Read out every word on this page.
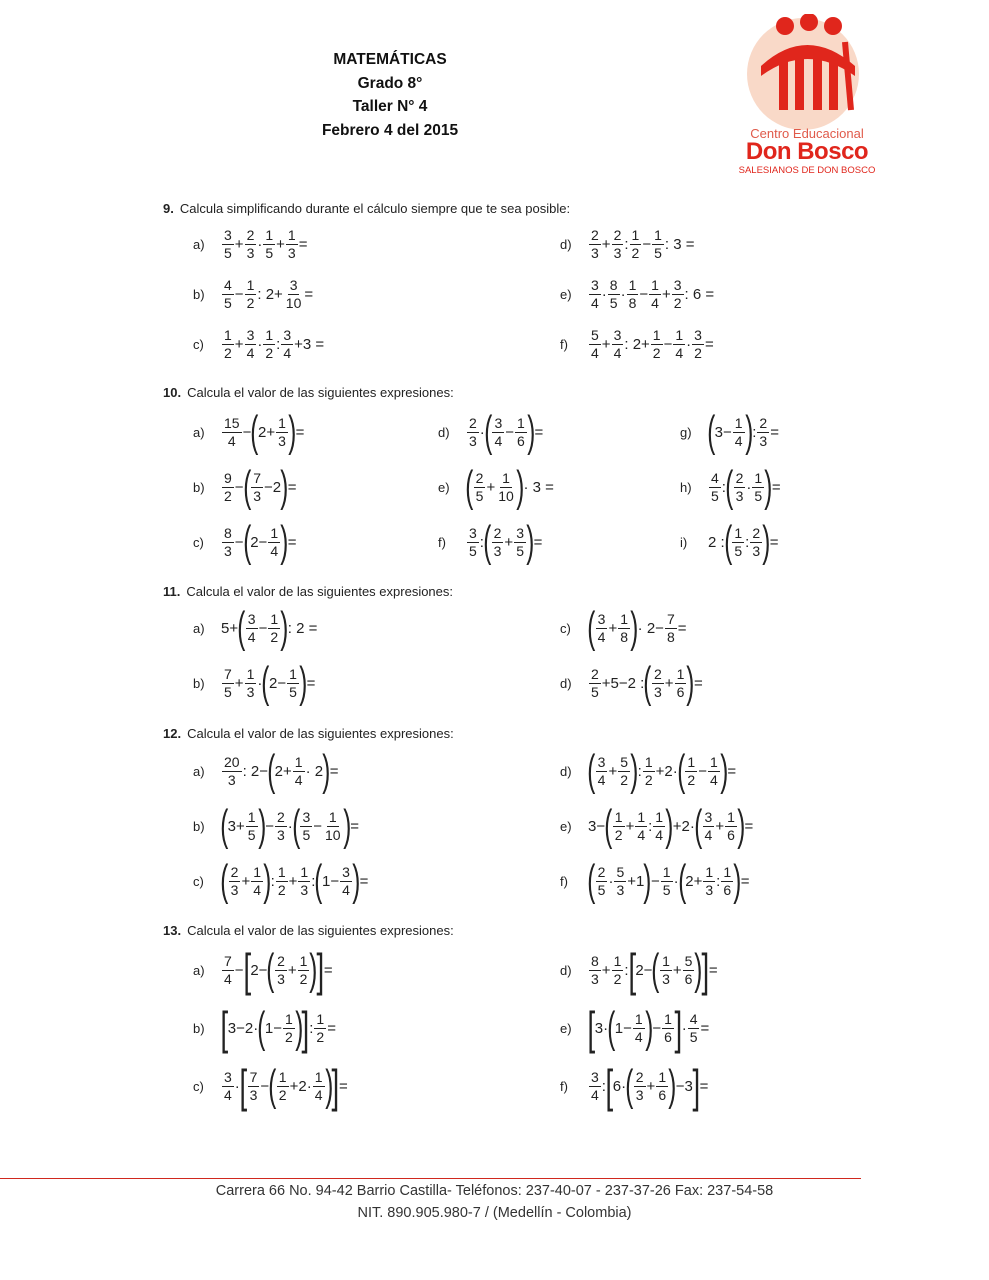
MATEMÁTICAS
Grado 8°
Taller N° 4
Febrero 4 del 2015	Centro Educacional
Don Bosco
SALESIANOS DE DON BOSCO
9. Calcula simplificando durante el cálculo siempre que te sea posible:
a)
3
5 +
2
3 ·
1
5 +
1
3 =
b)
4
5 −
1
2 : 2+
3
10 =
c)
1
2 +
3
4 ·
1
2 :
3
4 +3 =
d)
2
3 +
2
3 :
1
2 −
1
5 : 3 =
e)
3
4 ·
8
5 ·
1
8 −
1
4 +
3
2 : 6 =
f)
5
4 +
3
4 : 2+
1
2 −
1
4 ·
3
2 =
10. Calcula el valor de las siguientes expresiones:
a)
15
4 − ( 2+
1
3 ) =
b)
9
2 − ( 7
3 −2 ) =
c)
8
3 − ( 2−
1
4 ) =
d)
2
3 · ( 3
4 −
1
6 ) =
e) ( 2
5 +
1
10 ) · 3 =
f)
3
5 : ( 2
3 +
3
5 ) =
g) ( 3−
1
4 ) :
2
3 =
h)
4
5 : ( 2
3 ·
1
5 ) =
i)	2 : ( 1
5 :
2
3 ) =
11. Calcula el valor de las siguientes expresiones:
a)	5+ ( 3
4 −
1
2 ) : 2 =
b)
7
5 +
1
3 · ( 2−
1
5 ) =
c) ( 3
4 +
1
8 ) · 2−
7
8 =
d)
2
5 +5−2 : ( 2
3 +
1
6 ) =
12. Calcula el valor de las siguientes expresiones:
a)
20
3 : 2− ( 2+
1
4 · 2 ) =
b) ( 3+
1
5 ) −
2
3 · ( 3
5 −
1
10 ) =
c) ( 2
3 +
1
4 ) :
1
2 +
1
3 : ( 1−
3
4 ) =
d) ( 3
4 +
5
2 ) :
1
2 +2· ( 1
2 −
1
4 ) =
e)	3− ( 1
2 +
1
4 :
1
4 ) +2· ( 3
4 +
1
6 ) =
f) ( 2
5 ·
5
3 +1 ) −
1
5 · ( 2+
1
3 :
1
6 ) =
13. Calcula el valor de las siguientes expresiones:
a)
7
4 − [ 2− ( 2
3 +
1
2 )
] =
b) [ 3−2· ( 1−
1
2 )
] :
1
2 =
c)
3
4 · [ 7
3 − ( 1
2 +2·
1
4 )
] =
d)
8
3 +
1
2 : [ 2− ( 1
3 +
5
6 )
] =
e) [ 3· ( 1−
1
4 ) −
1
6 ] ·
4
5 =
f)
3
4 : [ 6· ( 2
3 +
1
6 ) −3 ] =
Carrera 66 No. 94-42 Barrio Castilla- Teléfonos: 237-40-07 - 237-37-26 Fax: 237-54-58
NIT. 890.905.980-7 / (Medellín - Colombia)
